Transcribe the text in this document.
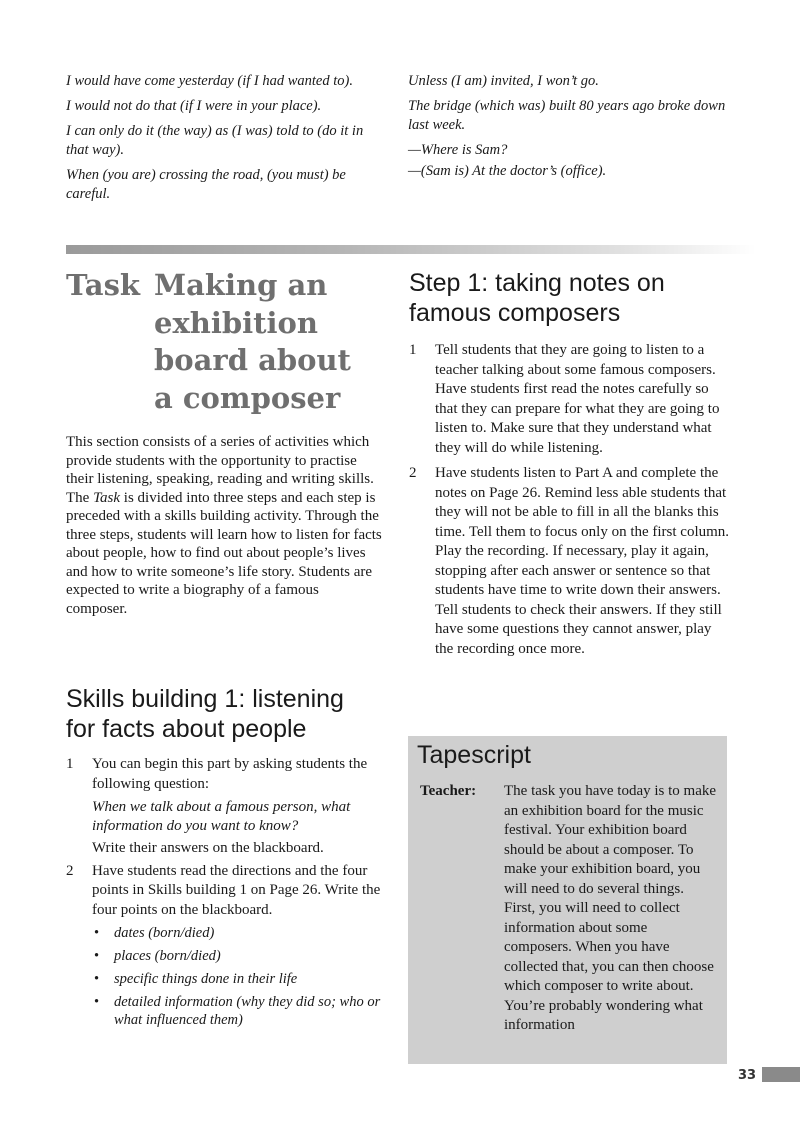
I would have come yesterday (if I had wanted to).

I would not do that (if I were in your place).

I can only do it (the way) as (I was) told to (do it in that way).

When (you are) crossing the road, (you must) be careful.

Unless (I am) invited, I won’t go.

The bridge (which was) built 80 years ago broke down last week.

—Where is Sam?

—(Sam is) At the doctor’s (office).

Task Making an
exhibition
board about
a composer
This section consists of a series of activities which provide students with the opportunity to practise their listening, speaking, reading and writing skills. The Task is divided into three steps and each step is preceded with a skills building activity. Through the three steps, students will learn how to listen for facts about people, how to find out about people’s lives and how to write someone’s life story. Students are expected to write a biography of a famous composer.
Skills building 1: listening
for facts about people
1	You can begin this part by asking students the following question:
When we talk about a famous person, what information do you want to know?
Write their answers on the blackboard.
2	Have students read the directions and the four points in Skills building 1 on Page 26. Write the four points on the blackboard.
• dates (born/died)
• places (born/died)
• specific things done in their life
• detailed information (why they did so; who or what influenced them)
Step 1: taking notes on
famous composers
1	Tell students that they are going to listen to a teacher talking about some famous composers. Have students first read the notes carefully so that they can prepare for what they are going to listen to. Make sure that they understand what they will do while listening.
2	Have students listen to Part A and complete the notes on Page 26. Remind less able students that they will not be able to fill in all the blanks this time. Tell them to focus only on the first column. Play the recording. If necessary, play it again, stopping after each answer or sentence so that students have time to write down their answers. Tell students to check their answers. If they still have some questions they cannot answer, play the recording once more.
Tapescript
Teacher:	The task you have today is to make an exhibition board for the music festival. Your exhibition board should be about a composer. To make your exhibition board, you will need to do several things. First, you will need to collect information about some composers. When you have collected that, you can then choose which composer to write about. You’re probably wondering what information
33
